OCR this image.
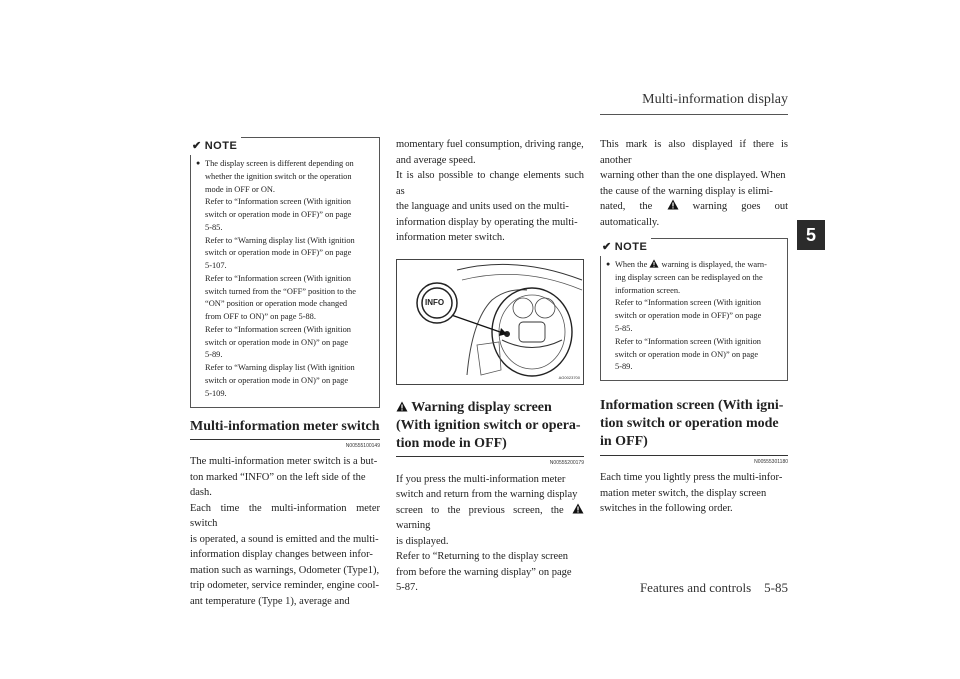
Multi-information display
5
✔ NOTE
● The display screen is different depending on
whether the ignition switch or the operation
mode in OFF or ON.
Refer to “Information screen (With ignition
switch or operation mode in OFF)” on page
5-85.
Refer to “Warning display list (With ignition
switch or operation mode in OFF)” on page
5-107.
Refer to “Information screen (With ignition
switch turned from the “OFF” position to the
“ON” position or operation mode changed
from OFF to ON)” on page 5-88.
Refer to “Information screen (With ignition
switch or operation mode in ON)” on page
5-89.
Refer to “Warning display list (With ignition
switch or operation mode in ON)” on page
5-109.
Multi-information meter switch
N00555100149
The multi-information meter switch is a but-
ton marked “INFO” on the left side of the
dash.
Each time the multi-information meter switch
is operated, a sound is emitted and the multi-
information display changes between infor-
mation such as warnings, Odometer (Type1),
trip odometer, service reminder, engine cool-
ant temperature (Type 1), average and
momentary fuel consumption, driving range,
and average speed.
It is also possible to change elements such as
the language and units used on the multi-
information display by operating the multi-
information meter switch.
INFO
AG0023700
Warning display screen
(With ignition switch or opera-
tion mode in OFF)
N00555200179
If you press the multi-information meter
switch and return from the warning display
screen to the previous screen, the
warning
is displayed.
Refer to “Returning to the display screen
from before the warning display” on page
5-87.
This mark is also displayed if there is another
warning other than the one displayed. When
the cause of the warning display is elimi-
nated, the	warning goes out automatically.
✔ NOTE
● When the warning is displayed, the warn-
ing display screen can be redisplayed on the
information screen.
Refer to “Information screen (With ignition
switch or operation mode in OFF)” on page
5-85.
Refer to “Information screen (With ignition
switch or operation mode in ON)” on page
5-89.
Information screen (With igni-
tion switch or operation mode
in OFF)
N00555301180
Each time you lightly press the multi-infor-
mation meter switch, the display screen
switches in the following order.
Features and controls 5-85
